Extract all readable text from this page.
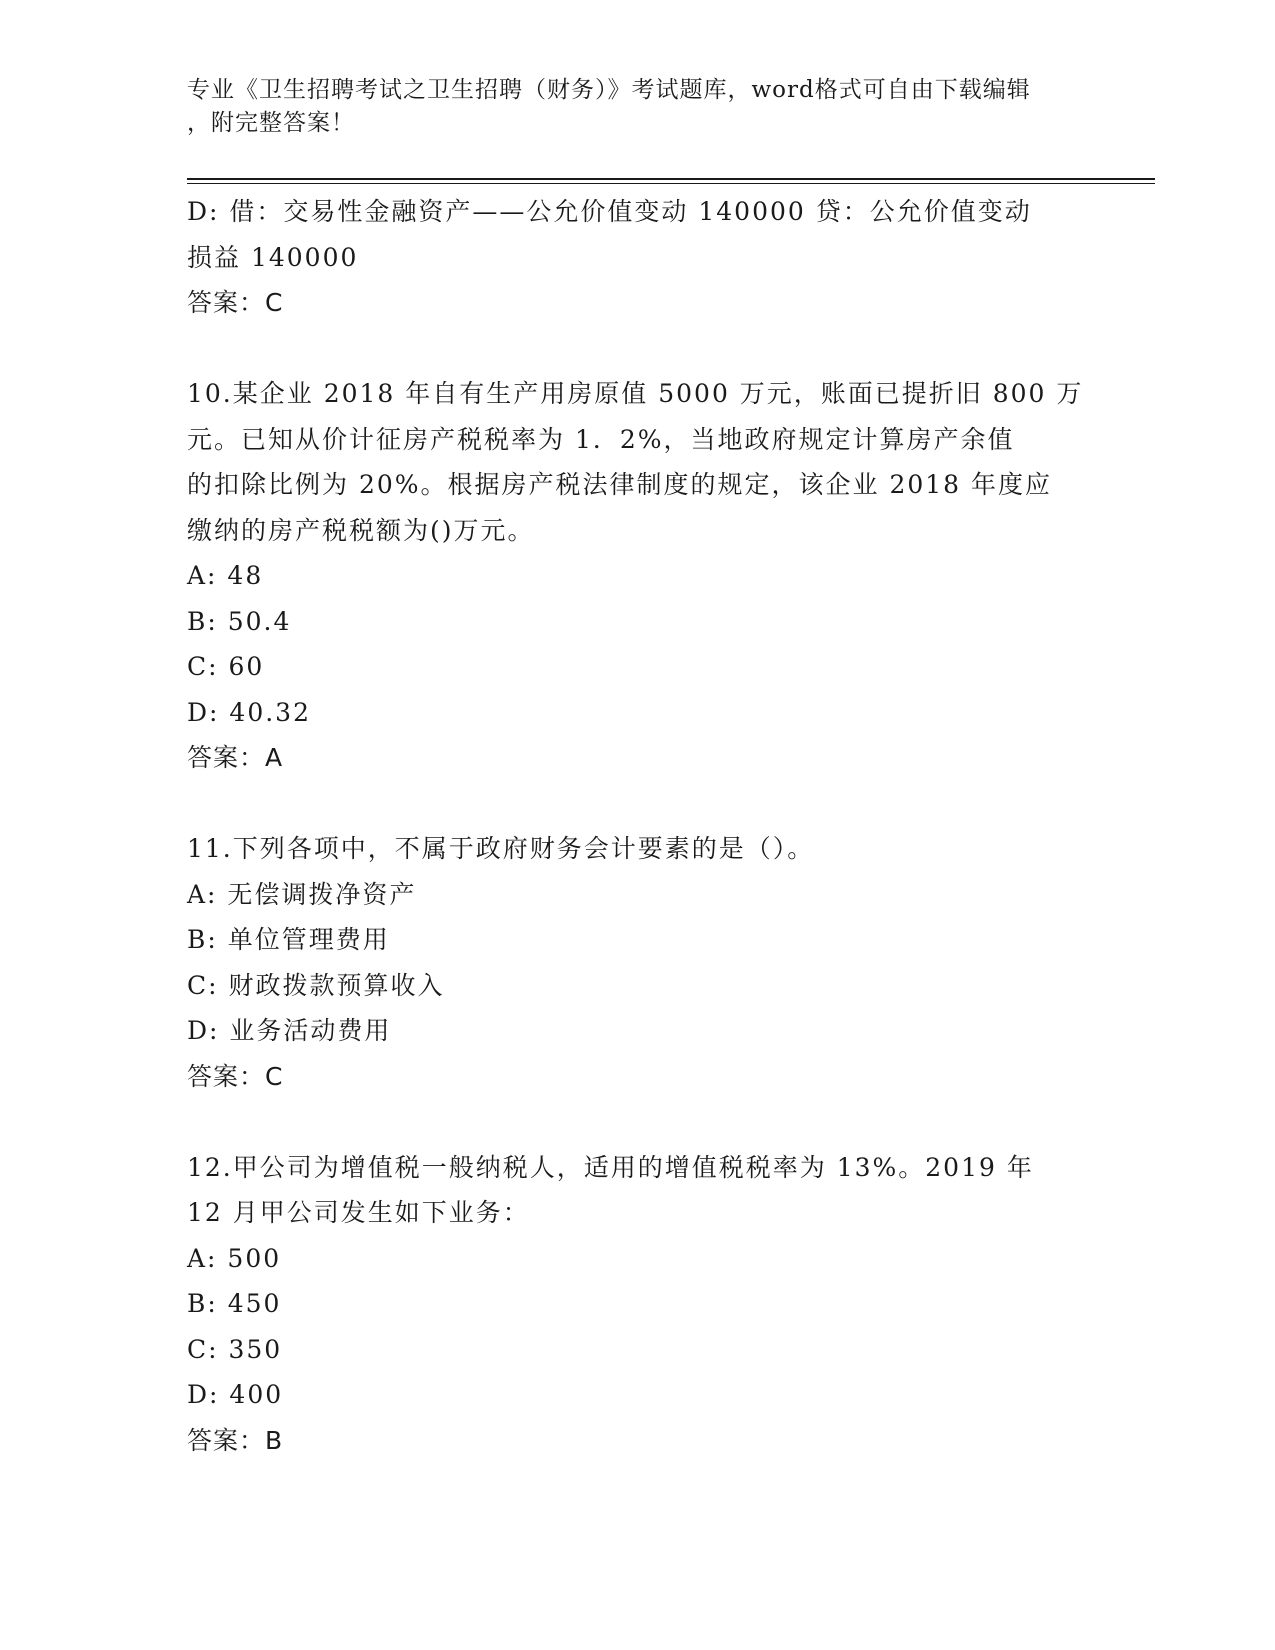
专业《卫生招聘考试之卫生招聘（财务）》考试题库，word格式可自由下载编辑
，附完整答案！
D: 借：交易性金融资产——公允价值变动 140000 贷：公允价值变动
损益 140000
答案：C
10.某企业 2018 年自有生产用房原值 5000 万元，账面已提折旧 800 万
元。已知从价计征房产税税率为 1．2%，当地政府规定计算房产余值
的扣除比例为 20%。根据房产税法律制度的规定，该企业 2018 年度应
缴纳的房产税税额为()万元。
A: 48
B: 50.4
C: 60
D: 40.32
答案：A
11.下列各项中，不属于政府财务会计要素的是（）。
A: 无偿调拨净资产
B: 单位管理费用
C: 财政拨款预算收入
D: 业务活动费用
答案：C
12.甲公司为增值税一般纳税人，适用的增值税税率为 13%。2019 年
12 月甲公司发生如下业务：
A: 500
B: 450
C: 350
D: 400
答案：B
